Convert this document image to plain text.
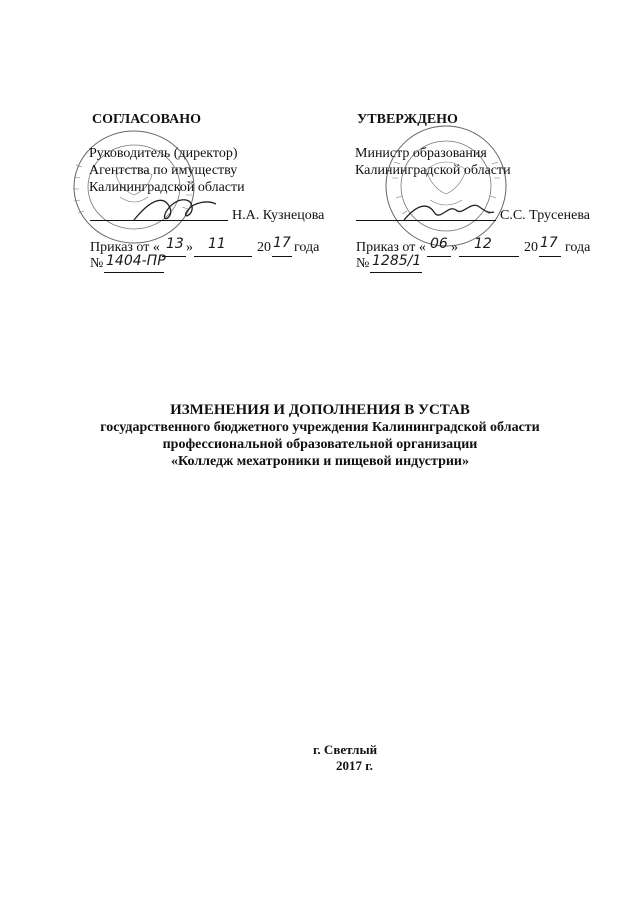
СОГЛАСОВАНО
Руководитель (директор)
Агентства по имуществу
Калининградской области
Н.А. Кузнецова
Приказ от « 13 » 11 20 17 года
№ 1404-ПР
УТВЕРЖДЕНО
Министр образования
Калининградской области
С.С. Трусенева
Приказ от « 06 » 12 20 17 года
№ 1285/1
ИЗМЕНЕНИЯ И ДОПОЛНЕНИЯ В УСТАВ
государственного бюджетного учреждения Калининградской области
профессиональной образовательной организации
«Колледж мехатроники и пищевой индустрии»
г. Светлый
2017 г.
